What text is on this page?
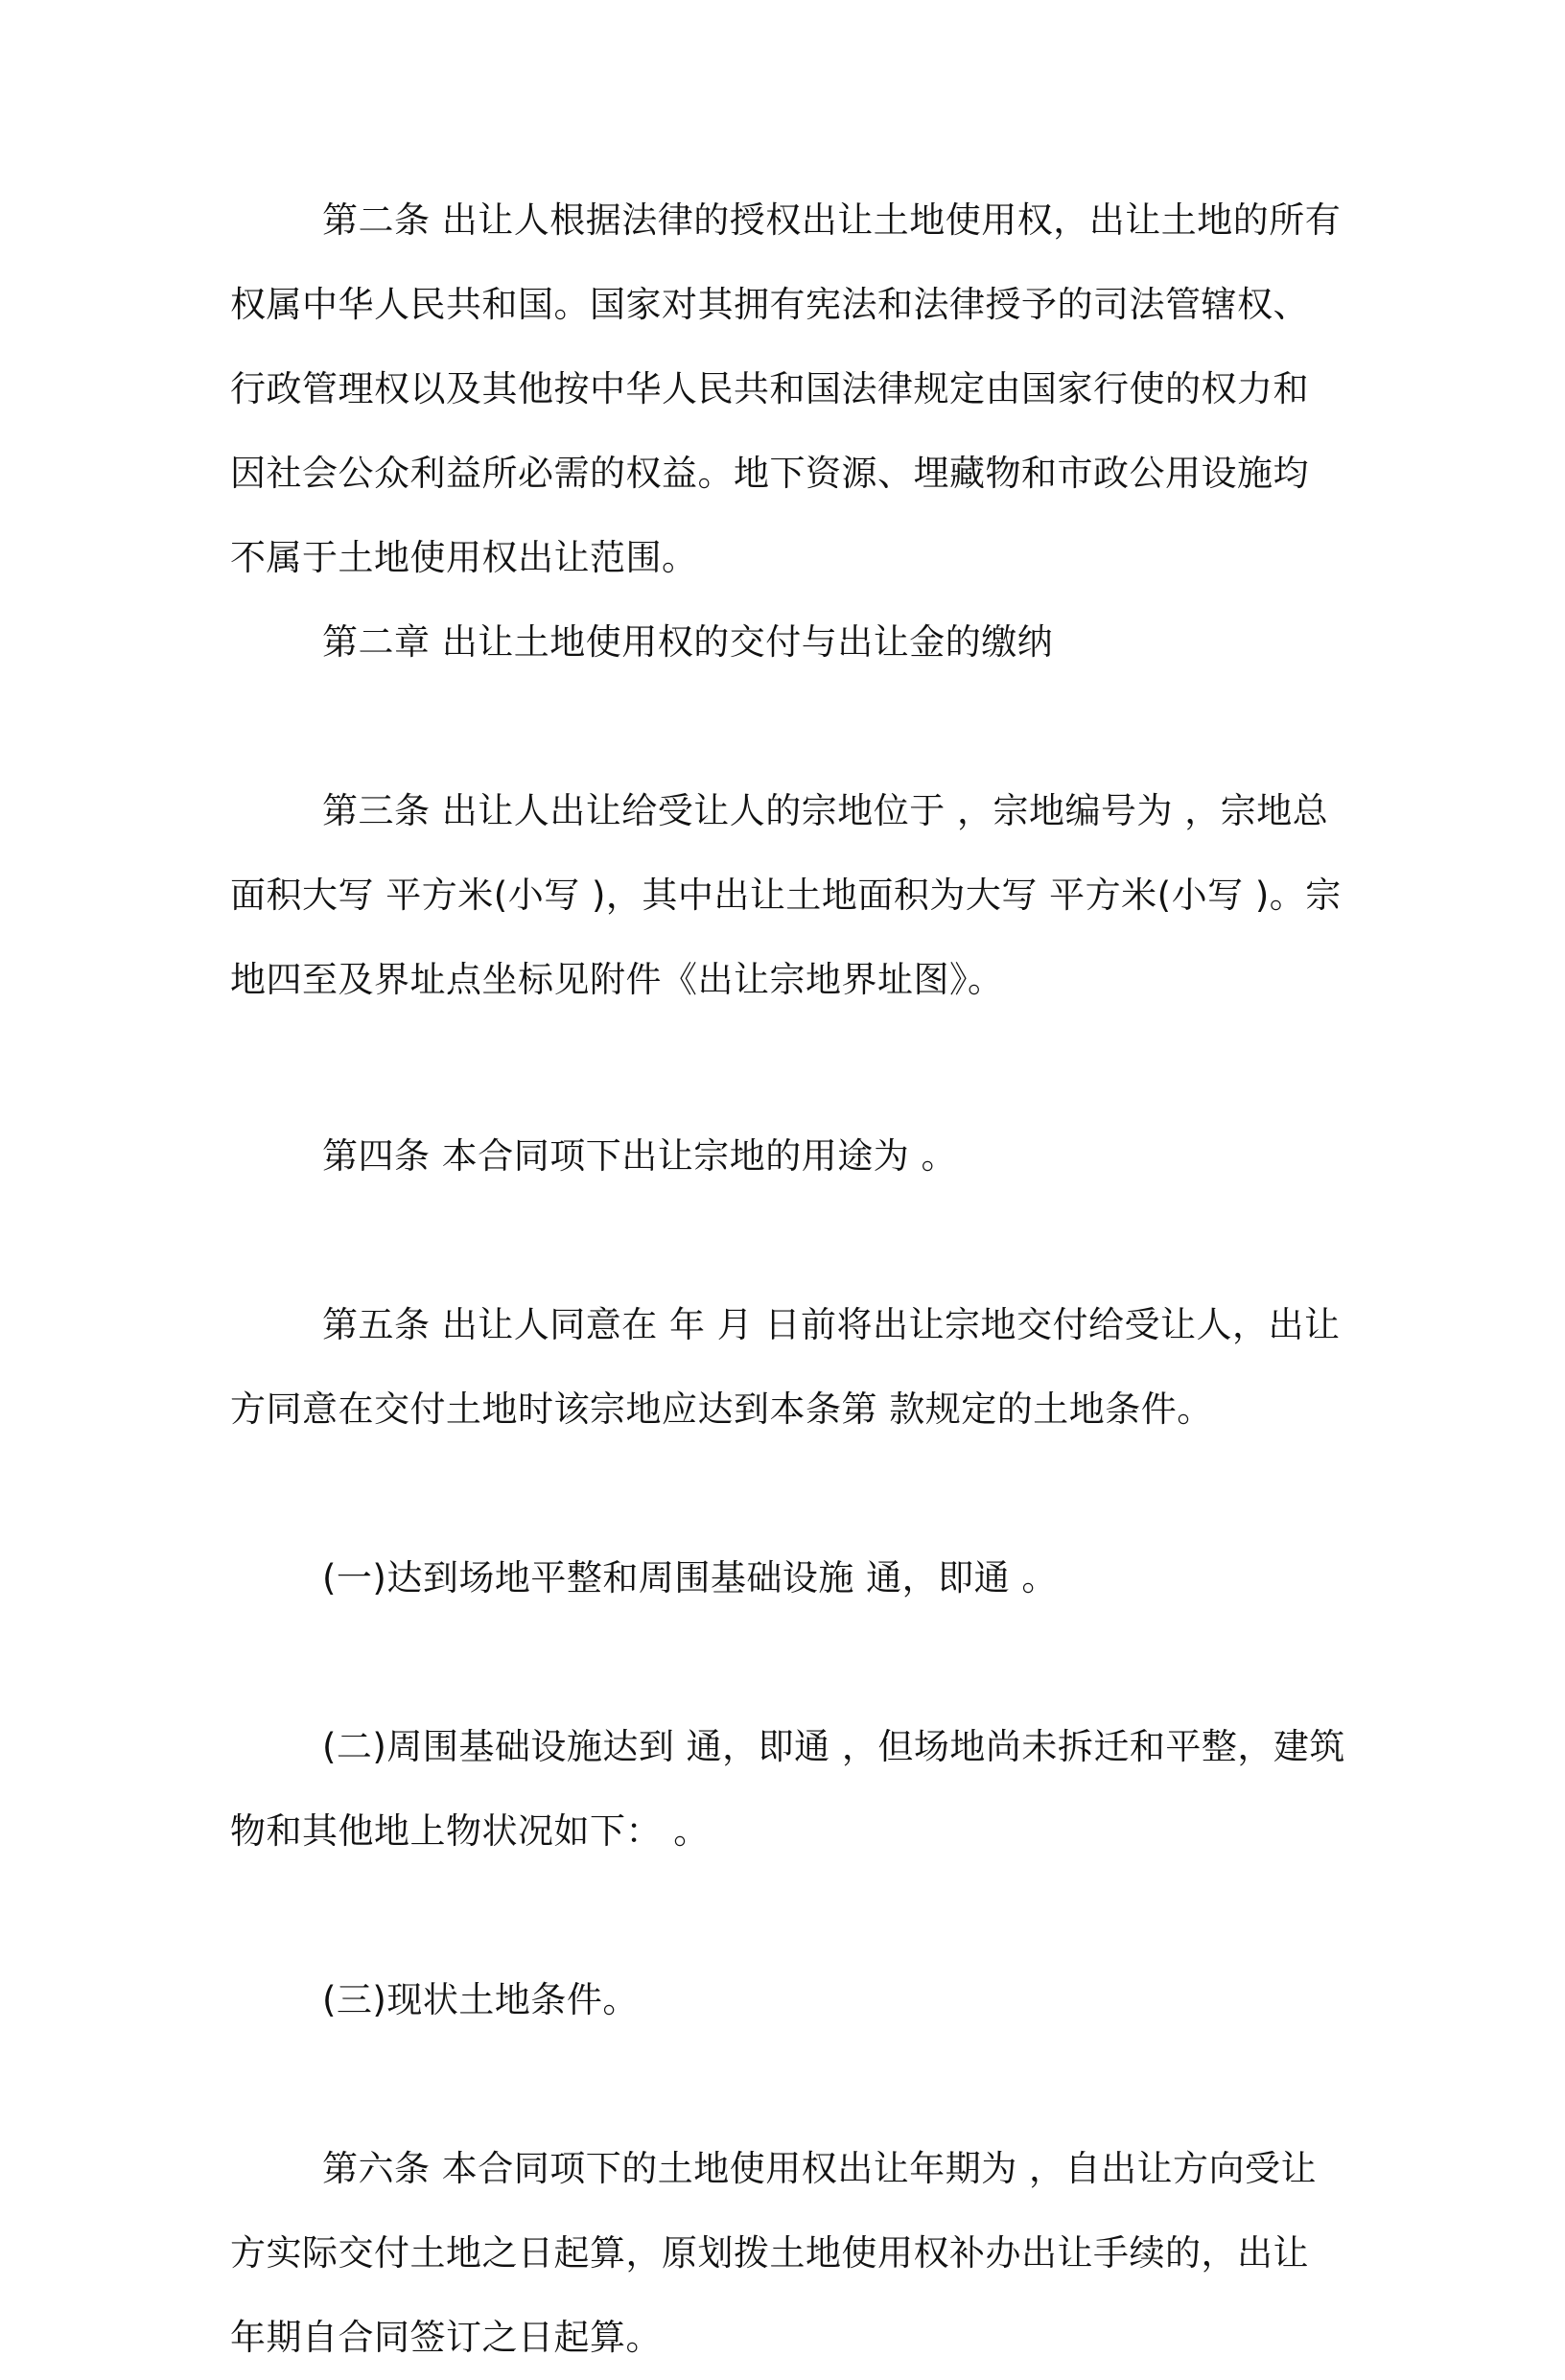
第二条 出让人根据法律的授权出让土地使用权，出让土地的所有
权属中华人民共和国。国家对其拥有宪法和法律授予的司法管辖权、
行政管理权以及其他按中华人民共和国法律规定由国家行使的权力和
因社会公众利益所必需的权益。地下资源、埋藏物和市政公用设施均
不属于土地使用权出让范围。
第二章 出让土地使用权的交付与出让金的缴纳
第三条 出让人出让给受让人的宗地位于 ，宗地编号为 ，宗地总
面积大写 平方米(小写 )，其中出让土地面积为大写 平方米(小写 )。宗
地四至及界址点坐标见附件《出让宗地界址图》。
第四条 本合同项下出让宗地的用途为 。
第五条 出让人同意在 年 月 日前将出让宗地交付给受让人，出让
方同意在交付土地时该宗地应达到本条第 款规定的土地条件。
(一)达到场地平整和周围基础设施 通，即通 。
(二)周围基础设施达到 通，即通 ，但场地尚未拆迁和平整，建筑
物和其他地上物状况如下： 。
(三)现状土地条件。
第六条 本合同项下的土地使用权出让年期为 ，自出让方向受让
方实际交付土地之日起算，原划拨土地使用权补办出让手续的，出让
年期自合同签订之日起算。
